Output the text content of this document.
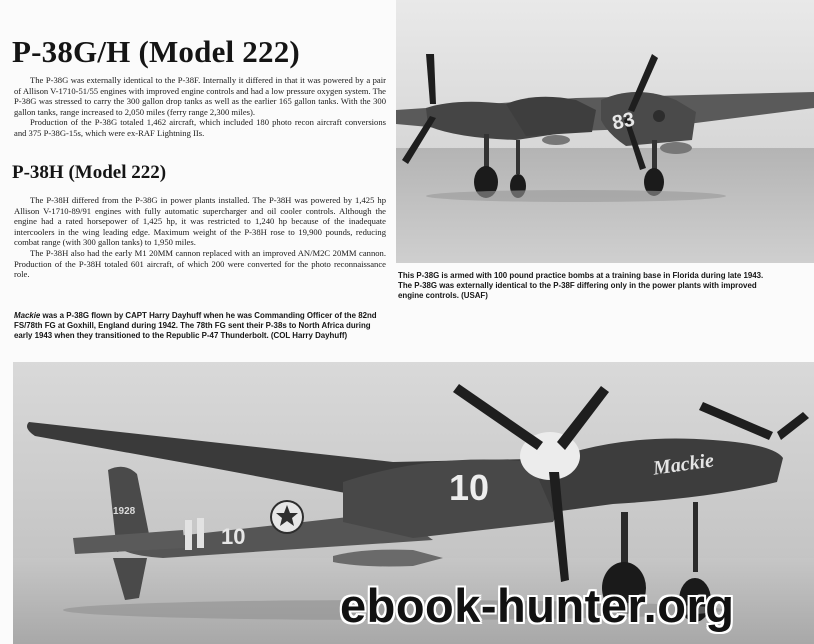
P-38G/H (Model 222)

The P-38G was externally identical to the P-38F. Internally it differed in that it was powered by a pair of Allison V-1710-51/55 engines with improved engine controls and had a low pressure oxygen system. The P-38G was stressed to carry the 300 gallon drop tanks as well as the earlier 165 gallon tanks. With the 300 gallon tanks, range increased to 2,050 miles (ferry range 2,300 miles).

Production of the P-38G totaled 1,462 aircraft, which included 180 photo recon aircraft conversions and 375 P-38G-15s, which were ex-RAF Lightning IIs.

P-38H (Model 222)

The P-38H differed from the P-38G in power plants installed. The P-38H was powered by 1,425 hp Allison V-1710-89/91 engines with fully automatic supercharger and oil cooler controls. Although the engine had a rated horsepower of 1,425 hp, it was restricted to 1,240 hp because of the inadequate intercoolers in the wing leading edge. Maximum weight of the P-38H rose to 19,900 pounds, reducing combat range (with 300 gallon tanks) to 1,950 miles.

The P-38H also had the early M1 20MM cannon replaced with an improved AN/M2C 20MM cannon. Production of the P-38H totaled 601 aircraft, of which 200 were converted for the photo reconnaissance role.

Mackie was a P-38G flown by CAPT Harry Dayhuff when he was Commanding Officer of the 82nd FS/78th FG at Goxhill, England during 1942. The 78th FG sent their P-38s to North Africa during early 1943 when they transitioned to the Republic P-47 Thunderbolt. (COL Harry Dayhuff)
83
This P-38G is armed with 100 pound practice bombs at a training base in Florida during late 1943. The P-38G was externally identical to the P-38F differing only in the power plants with improved engine controls. (USAF)
10
10
Mackie
1928
ebook-hunter.org
